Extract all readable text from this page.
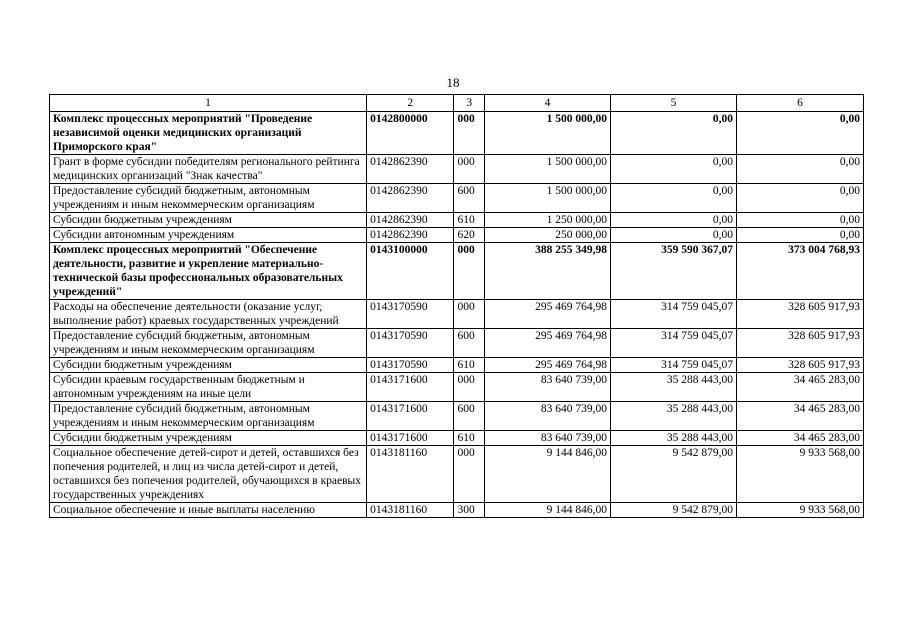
18
1	2	3	4	5	6
Комплекс процессных мероприятий "Проведение независимой оценки медицинских организаций Приморского края"	0142800000	000	1 500 000,00	0,00	0,00
Грант в форме субсидии победителям регионального рейтинга медицинских организаций "Знак качества"	0142862390	000	1 500 000,00	0,00	0,00
Предоставление субсидий бюджетным, автономным учреждениям и иным некоммерческим организациям	0142862390	600	1 500 000,00	0,00	0,00
Субсидии бюджетным учреждениям	0142862390	610	1 250 000,00	0,00	0,00
Субсидии автономным учреждениям	0142862390	620	250 000,00	0,00	0,00
Комплекс процессных мероприятий "Обеспечение деятельности, развитие и укрепление материально-технической базы профессиональных образовательных учреждений"	0143100000	000	388 255 349,98	359 590 367,07	373 004 768,93
Расходы на обеспечение деятельности (оказание услуг, выполнение работ) краевых государственных учреждений	0143170590	000	295 469 764,98	314 759 045,07	328 605 917,93
Предоставление субсидий бюджетным, автономным учреждениям и иным некоммерческим организациям	0143170590	600	295 469 764,98	314 759 045,07	328 605 917,93
Субсидии бюджетным учреждениям	0143170590	610	295 469 764,98	314 759 045,07	328 605 917,93
Субсидии краевым государственным бюджетным и автономным учреждениям на иные цели	0143171600	000	83 640 739,00	35 288 443,00	34 465 283,00
Предоставление субсидий бюджетным, автономным учреждениям и иным некоммерческим организациям	0143171600	600	83 640 739,00	35 288 443,00	34 465 283,00
Субсидии бюджетным учреждениям	0143171600	610	83 640 739,00	35 288 443,00	34 465 283,00
Социальное обеспечение детей-сирот и детей, оставшихся без попечения родителей, и лиц из числа детей-сирот и детей, оставшихся без попечения родителей, обучающихся в краевых государственных учреждениях	0143181160	000	9 144 846,00	9 542 879,00	9 933 568,00
Социальное обеспечение и иные выплаты населению	0143181160	300	9 144 846,00	9 542 879,00	9 933 568,00
